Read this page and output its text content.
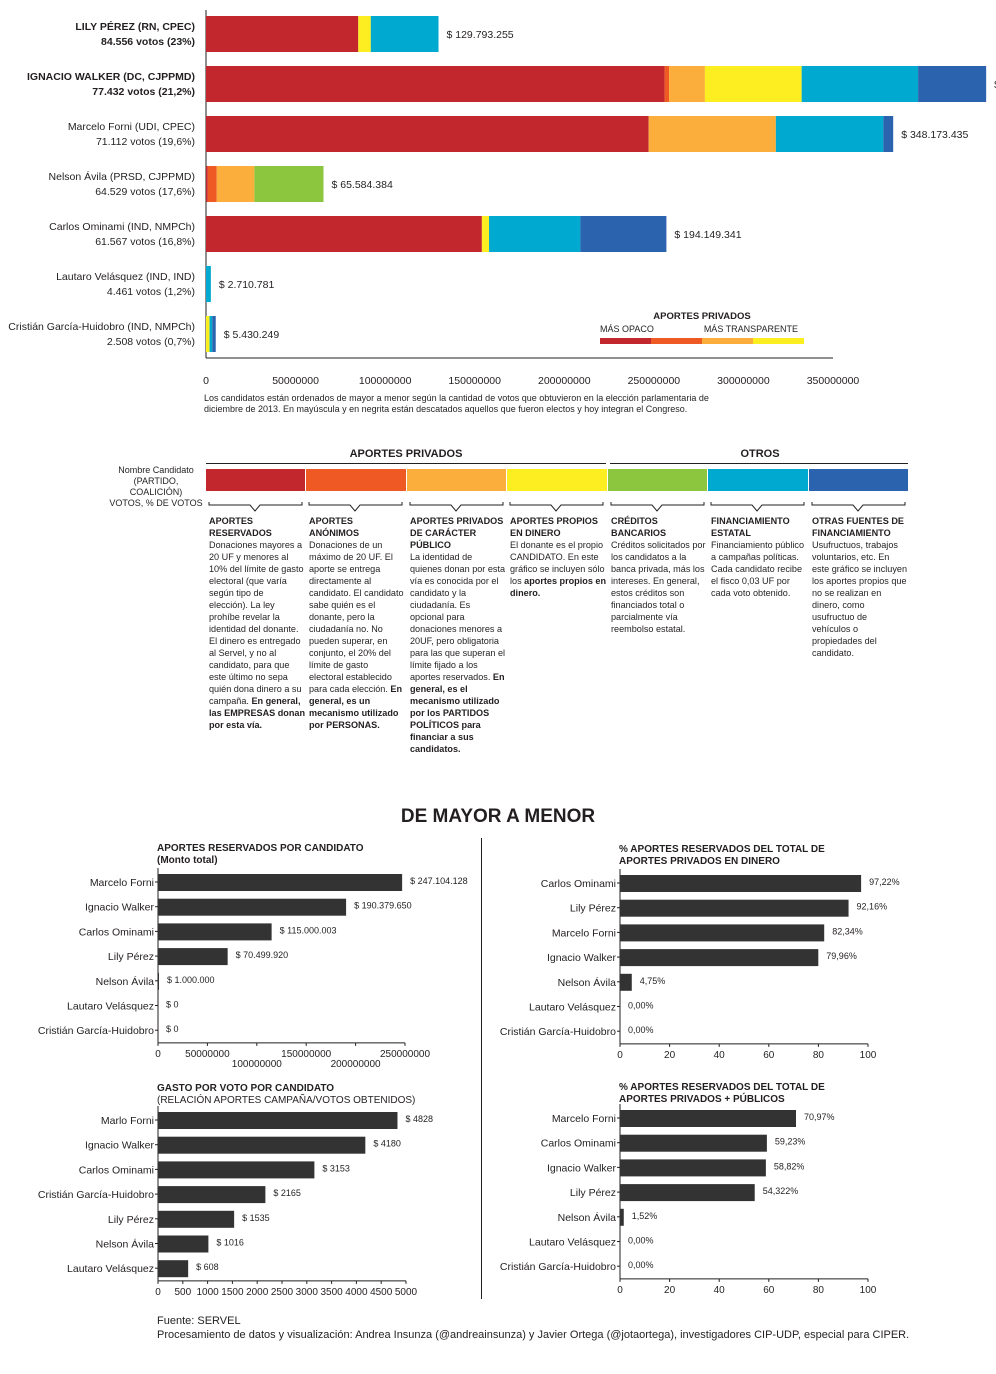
0	50000000	100000000	150000000	200000000	250000000	300000000	350000000
LILY PÉREZ (RN, CPEC)
84.556 votos (23%)
$ 129.793.255
IGNACIO WALKER (DC, CJPPMD)
77.432 votos (21,2%)
Marcelo Forni (UDI, CPEC)
71.112 votos (19,6%)
$ 348.173.435
Nelson Ávila (PRSD, CJPPMD)
64.529 votos (17,6%)
$ 65.584.384
Carlos Ominami (IND, NMPCh)
61.567 votos (16,8%)
$ 194.149.341
Lautaro Velásquez (IND, IND)
4.461 votos (1,2%)
$ 2.710.781
Cristián García-Huidobro (IND, NMPCh)
2.508 votos (0,7%)
$ 5.430.249
APORTES PRIVADOS
MÁS OPACO	MÁS TRANSPARENTE
Los candidatos están ordenados de mayor a menor según la cantidad de votos que obtuvieron en la elección parlamentaria de diciembre de 2013. En mayúscula y en negrita están descatados aquellos que fueron electos y hoy integran el Congreso.
Nombre Candidato
(PARTIDO, COALICIÓN)
VOTOS, % DE VOTOS
APORTES PRIVADOS	OTROS
APORTES RESERVADOS
Donaciones mayores a 20 UF y menores al 10% del límite de gasto electoral (que varía según tipo de elección). La ley prohíbe revelar la identidad del donante. El dinero es entregado al Servel, y no al candidato, para que este último no sepa quién dona dinero a su campaña. En general, las EMPRESAS donan por esta vía.
APORTES ANÓNIMOS
Donaciones de un máximo de 20 UF. El aporte se entrega directamente al candidato. El candidato sabe quién es el donante, pero la ciudadanía no. No pueden superar, en conjunto, el 20% del límite de gasto electoral establecido para cada elección. En general, es un mecanismo utilizado por PERSONAS.
APORTES PRIVADOS DE CARÁCTER PÚBLICO
La identidad de quienes donan por esta vía es conocida por el candidato y la ciudadanía. Es opcional para donaciones menores a 20UF, pero obligatoria para las que superan el límite fijado a los aportes reservados. En general, es el mecanismo utilizado por los PARTIDOS POLÍTICOS para financiar a sus candidatos.
APORTES PROPIOS EN DINERO
El donante es el propio CANDIDATO. En este gráfico se incluyen sólo los aportes propios en dinero.
CRÉDITOS BANCARIOS
Créditos solicitados por los candidatos a la banca privada, más los intereses. En general, estos créditos son financiados total o parcialmente vía reembolso estatal.
FINANCIAMIENTO ESTATAL
Financiamiento público a campañas políticas. Cada candidato recibe el fisco 0,03 UF por cada voto obtenido.
OTRAS FUENTES DE FINANCIAMIENTO
Usufructuos, trabajos voluntarios, etc. En este gráfico se incluyen los aportes propios que no se realizan en dinero, como usufructuo de vehículos o propiedades del candidato.
DE MAYOR A MENOR
APORTES RESERVADOS POR CANDIDATO
(Monto total)
0 50000000
100000000
150000000
200000000
250000000
Marcelo Forni	$ 247.104.128
Ignacio Walker	$ 190.379.650
Carlos Ominami	$ 115.000.003
Lily Pérez	$ 70.499.920
Nelson Ávila $ 1.000.000
Lautaro Velásquez $ 0
Cristián García-Huidobro $ 0
% APORTES RESERVADOS DEL TOTAL DE APORTES PRIVADOS EN DINERO
0	20	40	60	80	100
Carlos Ominami	97,22%
Lily Pérez	92,16%
Marcelo Forni	82,34%
Ignacio Walker	79,96%
Nelson Ávila	4,75%
Lautaro Velásquez 0,00%
Cristián García-Huidobro 0,00%
GASTO POR VOTO POR CANDIDATO
(RELACIÓN APORTES CAMPAÑA/VOTOS OBTENIDOS)
0 500 1000 1500 2000 2500 3000 3500 4000 4500 5000
Marlo Forni	$ 4828
Ignacio Walker	$ 4180
Carlos Ominami	$ 3153
Cristián García-Huidobro	$ 2165
Lily Pérez	$ 1535
Nelson Ávila	$ 1016
Lautaro Velásquez	$ 608
% APORTES RESERVADOS DEL TOTAL DE APORTES PRIVADOS + PÚBLICOS
0	20	40	60	80	100
Marcelo Forni	70,97%
Carlos Ominami	59,23%
Ignacio Walker	58,82%
Lily Pérez	54,322%
Nelson Ávila 1,52%
Lautaro Velásquez 0,00%
Cristián García-Huidobro 0,00%
Fuente: SERVEL
Procesamiento de datos y visualización: Andrea Insunza (@andreainsunza) y Javier Ortega (@jotaortega), investigadores CIP-UDP, especial para CIPER.
